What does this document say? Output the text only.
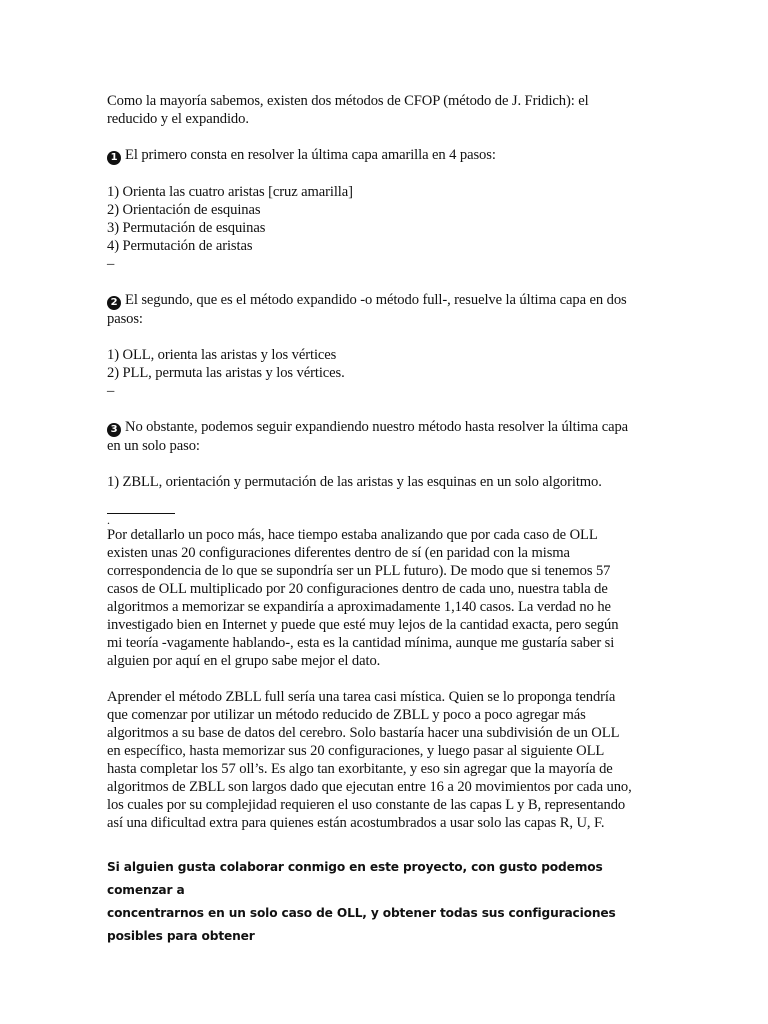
Como la mayoría sabemos, existen dos métodos de CFOP (método de J. Fridich): el

reducido y el expandido.

1 El primero consta en resolver la última capa amarilla en 4 pasos:

1) Orienta las cuatro aristas [cruz amarilla]

2) Orientación de esquinas

3) Permutación de esquinas

4) Permutación de aristas

–

2 El segundo, que es el método expandido -o método full-, resuelve la última capa en dos

pasos:

1) OLL, orienta las aristas y los vértices

2) PLL, permuta las aristas y los vértices.

–

3 No obstante, podemos seguir expandiendo nuestro método hasta resolver la última capa

en un solo paso:

1) ZBLL, orientación y permutación de las aristas y las esquinas en un solo algoritmo.

.

Por detallarlo un poco más, hace tiempo estaba analizando que por cada caso de OLL

existen unas 20 configuraciones diferentes dentro de sí (en paridad con la misma

correspondencia de lo que se supondría ser un PLL futuro). De modo que si tenemos 57

casos de OLL multiplicado por 20 configuraciones dentro de cada uno, nuestra tabla de

algoritmos a memorizar se expandiría a aproximadamente 1,140 casos. La verdad no he

investigado bien en Internet y puede que esté muy lejos de la cantidad exacta, pero según

mi teoría -vagamente hablando-, esta es la cantidad mínima, aunque me gustaría saber si

alguien por aquí en el grupo sabe mejor el dato.

Aprender el método ZBLL full sería una tarea casi mística. Quien se lo proponga tendría

que comenzar por utilizar un método reducido de ZBLL y poco a poco agregar más

algoritmos a su base de datos del cerebro. Solo bastaría hacer una subdivisión de un OLL

en específico, hasta memorizar sus 20 configuraciones, y luego pasar al siguiente OLL

hasta completar los 57 oll’s. Es algo tan exorbitante, y eso sin agregar que la mayoría de

algoritmos de ZBLL son largos dado que ejecutan entre 16 a 20 movimientos por cada uno,

los cuales por su complejidad requieren el uso constante de las capas L y B, representando

así una dificultad extra para quienes están acostumbrados a usar solo las capas R, U, F.

Si alguien gusta colaborar conmigo en este proyecto, con gusto podemos comenzar a

concentrarnos en un solo caso de OLL, y obtener todas sus configuraciones posibles para obtener
